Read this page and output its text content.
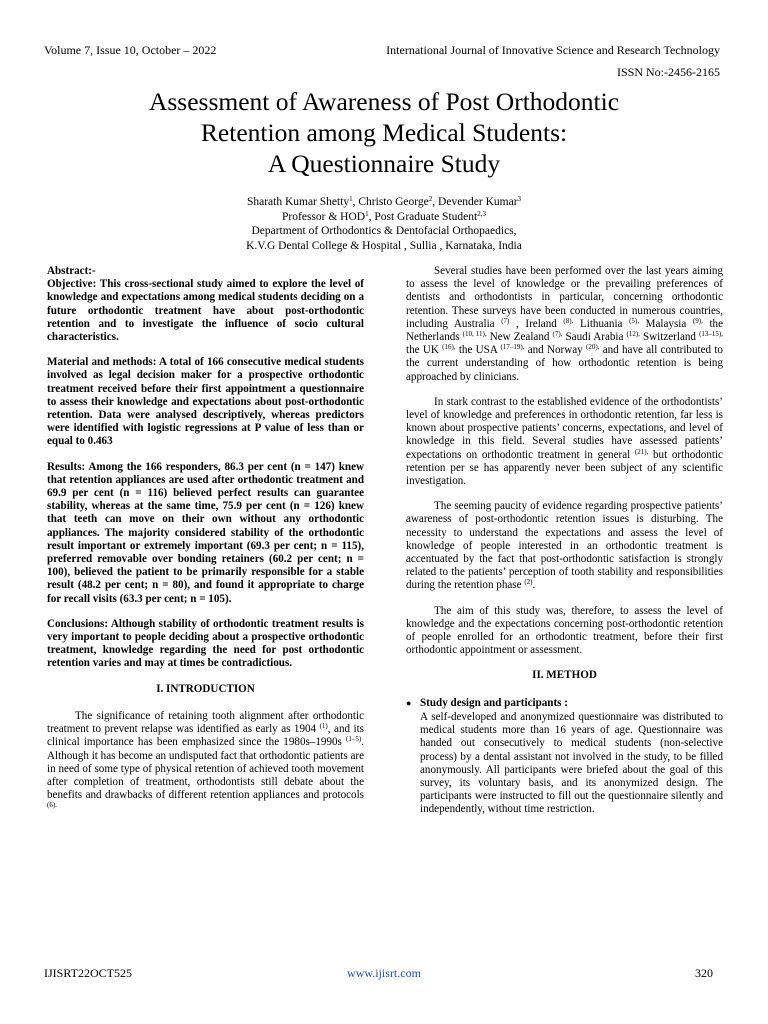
Volume 7, Issue 10, October – 2022	International Journal of Innovative Science and Research Technology
ISSN No:-2456-2165
Assessment of Awareness of Post Orthodontic
Retention among Medical Students:
A Questionnaire Study
Sharath Kumar Shetty$^1$, Christo George$^2$, Devender Kumar$^3$
Professor & HOD$^1$, Post Graduate Student$^{2,3}$
Department of Orthodontics & Dentofacial Orthopaedics,
K.V.G Dental College & Hospital , Sullia , Karnataka, India

Abstract:-

Objective: This cross-sectional study aimed to explore the level of knowledge and expectations among medical students deciding on a future orthodontic treatment have about post-orthodontic retention and to investigate the influence of socio cultural characteristics.

Material and methods: A total of 166 consecutive medical students involved as legal decision maker for a prospective orthodontic treatment received before their first appointment a questionnaire to assess their knowledge and expectations about post-orthodontic retention. Data were analysed descriptively, whereas predictors were identified with logistic regressions at P value of less than or equal to 0.463

Results: Among the 166 responders, 86.3 per cent (n = 147) knew that retention appliances are used after orthodontic treatment and 69.9 per cent (n = 116) believed perfect results can guarantee stability, whereas at the same time, 75.9 per cent (n = 126) knew that teeth can move on their own without any orthodontic appliances. The majority considered stability of the orthodontic result important or extremely important (69.3 per cent; n = 115), preferred removable over bonding retainers (60.2 per cent; n = 100), believed the patient to be primarily responsible for a stable result (48.2 per cent; n = 80), and found it appropriate to charge for recall visits (63.3 per cent; n = 105).

Conclusions: Although stability of orthodontic treatment results is very important to people deciding about a prospective orthodontic treatment, knowledge regarding the need for post orthodontic retention varies and may at times be contradictious.

I. INTRODUCTION

The significance of retaining tooth alignment after orthodontic treatment to prevent relapse was identified as early as 1904 $^{(1)}$, and its clinical importance has been emphasized since the 1980s–1990s $^{(1-5)}$. Although it has become an undisputed fact that orthodontic patients are in need of some type of physical retention of achieved tooth movement after completion of treatment, orthodontists still debate about the benefits and drawbacks of different retention appliances and protocols $^{(6).}$

Several studies have been performed over the last years aiming to assess the level of knowledge or the prevailing preferences of dentists and orthodontists in particular, concerning orthodontic retention. These surveys have been conducted in numerous countries, including Australia $^{(7)}$ , Ireland $^{(8),}$ Lithuania $^{(5),}$ Malaysia $^{(9),}$ the Netherlands $^{(10, 11),}$ New Zealand $^{(7),}$ Saudi Arabia $^{(12),}$ Switzerland $^{(13-15),}$ the UK $^{(16),}$ the USA $^{(17-19),}$ and Norway $^{(20),}$ and have all contributed to the current understanding of how orthodontic retention is being approached by clinicians.

In stark contrast to the established evidence of the orthodontists’ level of knowledge and preferences in orthodontic retention, far less is known about prospective patients’ concerns, expectations, and level of knowledge in this field. Several studies have assessed patients’ expectations on orthodontic treatment in general $^{(21),}$ but orthodontic retention per se has apparently never been subject of any scientific investigation.

The seeming paucity of evidence regarding prospective patients’ awareness of post-orthodontic retention issues is disturbing. The necessity to understand the expectations and assess the level of knowledge of people interested in an orthodontic treatment is accentuated by the fact that post-orthodontic satisfaction is strongly related to the patients’ perception of tooth stability and responsibilities during the retention phase $^{(2)}$.

The aim of this study was, therefore, to assess the level of knowledge and the expectations concerning post-orthodontic retention of people enrolled for an orthodontic treatment, before their first orthodontic appointment or assessment.

II. METHOD
● Study design and participants :

A self-developed and anonymized questionnaire was distributed to medical students more than 16 years of age. Questionnaire was handed out consecutively to medical students (non-selective process) by a dental assistant not involved in the study, to be filled anonymously. All participants were briefed about the goal of this survey, its voluntary basis, and its anonymized design. The participants were instructed to fill out the questionnaire silently and independently, without time restriction.

IJISRT22OCT525	www.ijisrt.com	320
